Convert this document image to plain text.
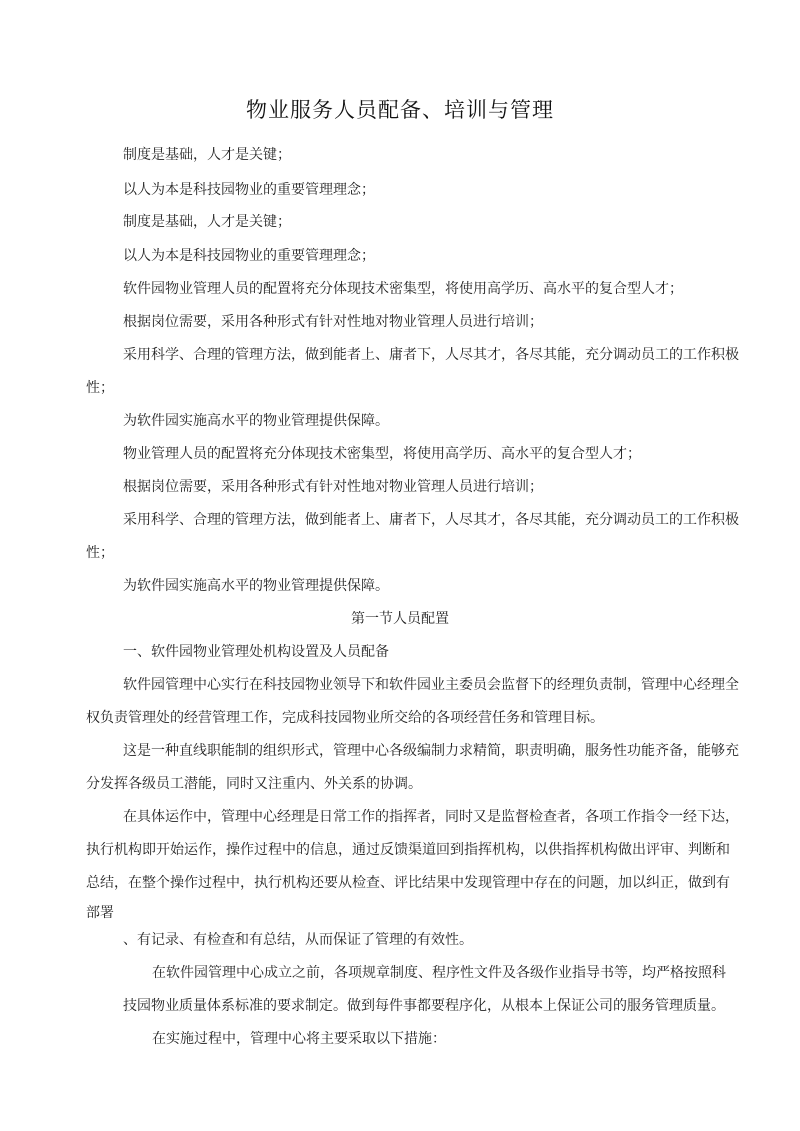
物业服务人员配备、培训与管理
制度是基础，人才是关键；
以人为本是科技园物业的重要管理理念；
制度是基础，人才是关键；
以人为本是科技园物业的重要管理理念；
软件园物业管理人员的配置将充分体现技术密集型，将使用高学历、高水平的复合型人才；
根据岗位需要，采用各种形式有针对性地对物业管理人员进行培训；
采用科学、合理的管理方法，做到能者上、庸者下，人尽其才，各尽其能，充分调动员工的工作积极
性；
为软件园实施高水平的物业管理提供保障。
物业管理人员的配置将充分体现技术密集型，将使用高学历、高水平的复合型人才；
根据岗位需要，采用各种形式有针对性地对物业管理人员进行培训；
采用科学、合理的管理方法，做到能者上、庸者下，人尽其才，各尽其能，充分调动员工的工作积极
性；
为软件园实施高水平的物业管理提供保障。
第一节人员配置
一、软件园物业管理处机构设置及人员配备
软件园管理中心实行在科技园物业领导下和软件园业主委员会监督下的经理负责制，管理中心经理全
权负责管理处的经营管理工作，完成科技园物业所交给的各项经营任务和管理目标。
这是一种直线职能制的组织形式，管理中心各级编制力求精简，职责明确，服务性功能齐备，能够充
分发挥各级员工潜能，同时又注重内、外关系的协调。
在具体运作中，管理中心经理是日常工作的指挥者，同时又是监督检查者，各项工作指令一经下达，
执行机构即开始运作，操作过程中的信息，通过反馈渠道回到指挥机构，以供指挥机构做出评审、判断和
总结，在整个操作过程中，执行机构还要从检查、评比结果中发现管理中存在的问题，加以纠正，做到有
部署
、有记录、有检查和有总结，从而保证了管理的有效性。
在软件园管理中心成立之前，各项规章制度、程序性文件及各级作业指导书等，均严格按照科
技园物业质量体系标准的要求制定。做到每件事都要程序化，从根本上保证公司的服务管理质量。
在实施过程中，管理中心将主要采取以下措施：
